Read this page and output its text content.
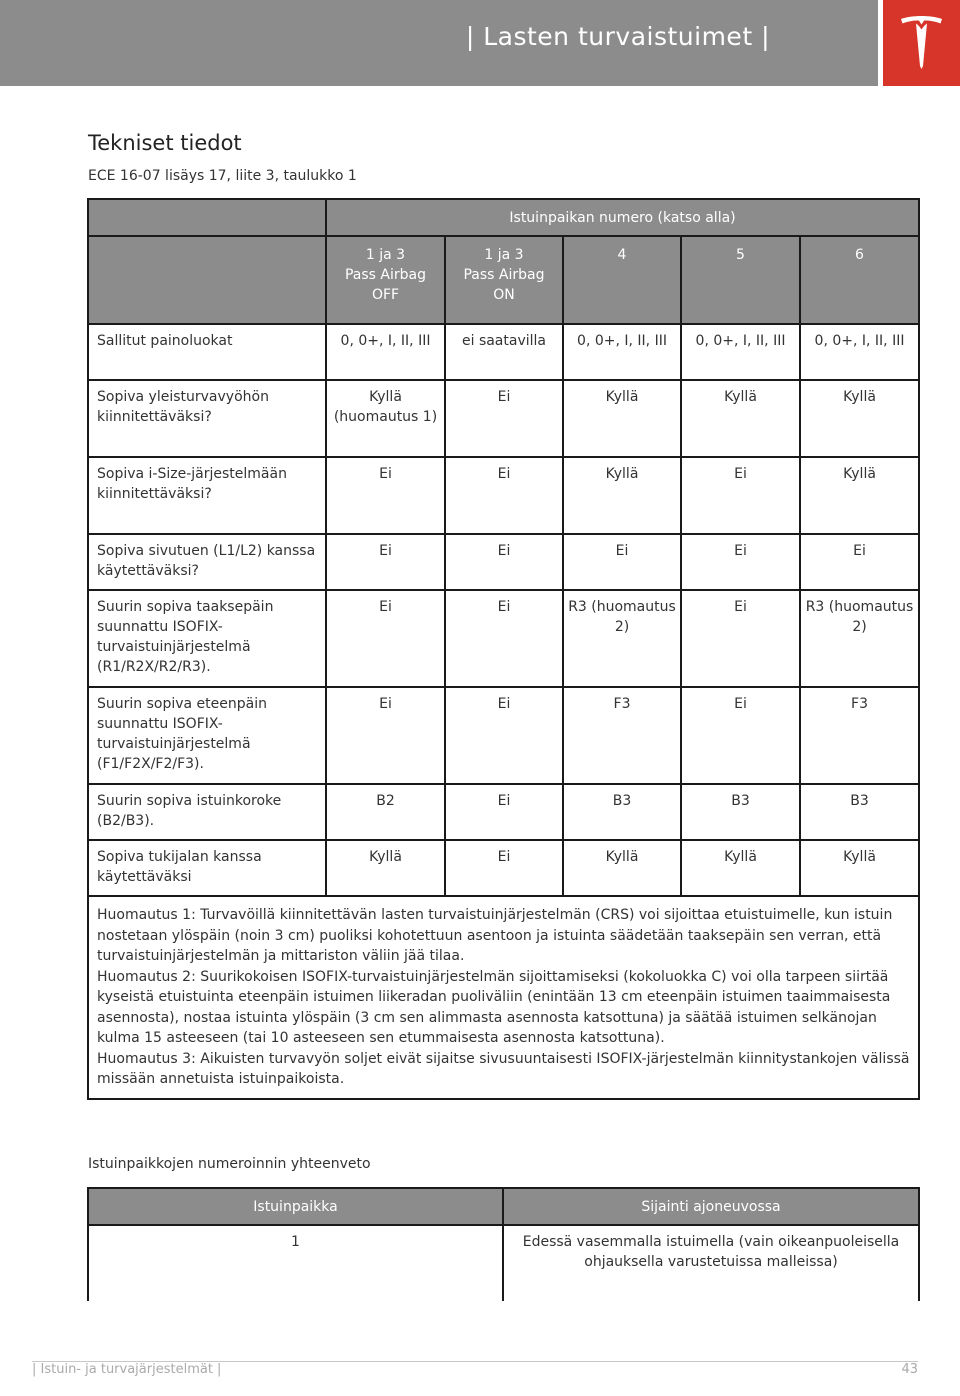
| Lasten turvaistuimet |
Tekniset tiedot
ECE 16-07 lisäys 17, liite 3, taulukko 1
	Istuinpaikan numero (katso alla)				

	1 ja 3
Pass Airbag
OFF	1 ja 3
Pass Airbag
ON	4	5	6

Sallitut painoluokat	0, 0+, I, II, III	ei saatavilla	0, 0+, I, II, III	0, 0+, I, II, III	0, 0+, I, II, III
Sopiva yleisturvavyöhön kiinnitettäväksi?	Kyllä (huomautus 1)	Ei	Kyllä	Kyllä	Kyllä
Sopiva i-Size-järjestelmään kiinnitettäväksi?	Ei	Ei	Kyllä	Ei	Kyllä
Sopiva sivutuen (L1/L2) kanssa käytettäväksi?	Ei	Ei	Ei	Ei	Ei
Suurin sopiva taaksepäin suunnattu ISOFIX-turvaistuinjärjestelmä (R1/R2X/R2/R3).	Ei	Ei	R3 (huomautus 2)	Ei	R3 (huomautus 2)
Suurin sopiva eteenpäin suunnattu ISOFIX-turvaistuinjärjestelmä (F1/F2X/F2/F3).	Ei	Ei	F3	Ei	F3
Suurin sopiva istuinkoroke (B2/B3).	B2	Ei	B3	B3	B3
Sopiva tukijalan kanssa käytettäväksi	Kyllä	Ei	Kyllä	Kyllä	Kyllä

Huomautus 1: Turvavöillä kiinnitettävän lasten turvaistuinjärjestelmän (CRS) voi sijoittaa etuistuimelle, kun istuin nostetaan ylöspäin (noin 3 cm) puoliksi kohotettuun asentoon ja istuinta säädetään taaksepäin sen verran, että turvaistuinjärjestelmän ja mittariston väliin jää tilaa.
Huomautus 2: Suurikokoisen ISOFIX-turvaistuinjärjestelmän sijoittamiseksi (kokoluokka C) voi olla tarpeen siirtää kyseistä etuistuinta eteenpäin istuimen liikeradan puoliväliin (enintään 13 cm eteenpäin istuimen taaimmaisesta asennosta), nostaa istuinta ylöspäin (3 cm sen alimmasta asennosta katsottuna) ja säätää istuimen selkänojan kulma 15 asteeseen (tai 10 asteeseen sen etummaisesta asennosta katsottuna).
Huomautus 3: Aikuisten turvavyön soljet eivät sijaitse sivusuuntaisesti ISOFIX-järjestelmän kiinnitystankojen välissä missään annetuista istuinpaikoista.					
Istuinpaikkojen numeroinnin yhteenveto
Istuinpaikka	Sijainti ajoneuvossa
1	Edessä vasemmalla istuimella (vain oikeanpuoleisella ohjauksella varustetuissa malleissa)
| Istuin- ja turvajärjestelmät |	43
